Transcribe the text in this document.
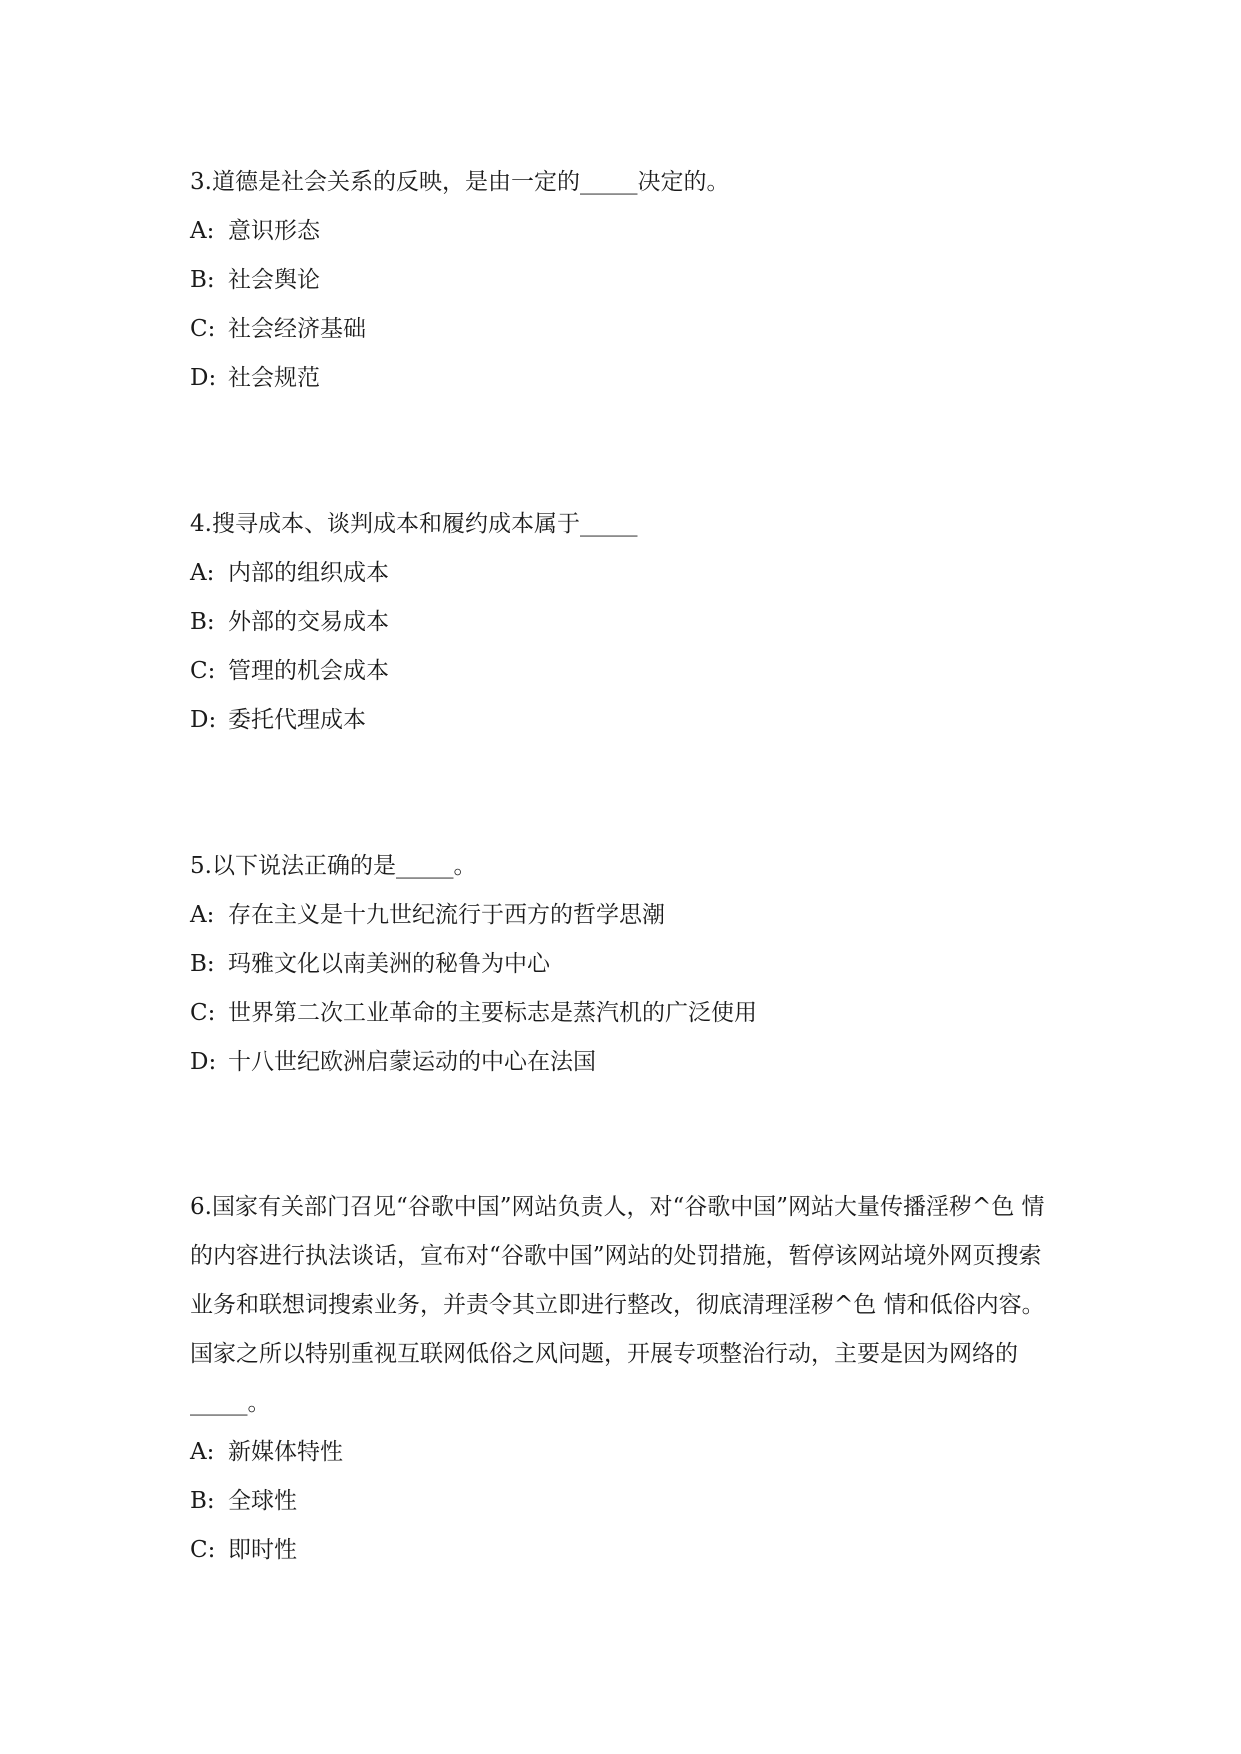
3.道德是社会关系的反映，是由一定的_____决定的。

A: 意识形态

B: 社会舆论

C: 社会经济基础

D: 社会规范

4.搜寻成本、谈判成本和履约成本属于_____

A: 内部的组织成本

B: 外部的交易成本

C: 管理的机会成本

D: 委托代理成本

5.以下说法正确的是_____。

A: 存在主义是十九世纪流行于西方的哲学思潮

B: 玛雅文化以南美洲的秘鲁为中心

C: 世界第二次工业革命的主要标志是蒸汽机的广泛使用

D: 十八世纪欧洲启蒙运动的中心在法国

6.国家有关部门召见“谷歌中国”网站负责人，对“谷歌中国”网站大量传播淫秽^色 情的内容进行执法谈话，宣布对“谷歌中国”网站的处罚措施，暂停该网站境外网页搜索业务和联想词搜索业务，并责令其立即进行整改，彻底清理淫秽^色 情和低俗内容。国家之所以特别重视互联网低俗之风问题，开展专项整治行动，主要是因为网络的_____。

A: 新媒体特性

B: 全球性

C: 即时性
